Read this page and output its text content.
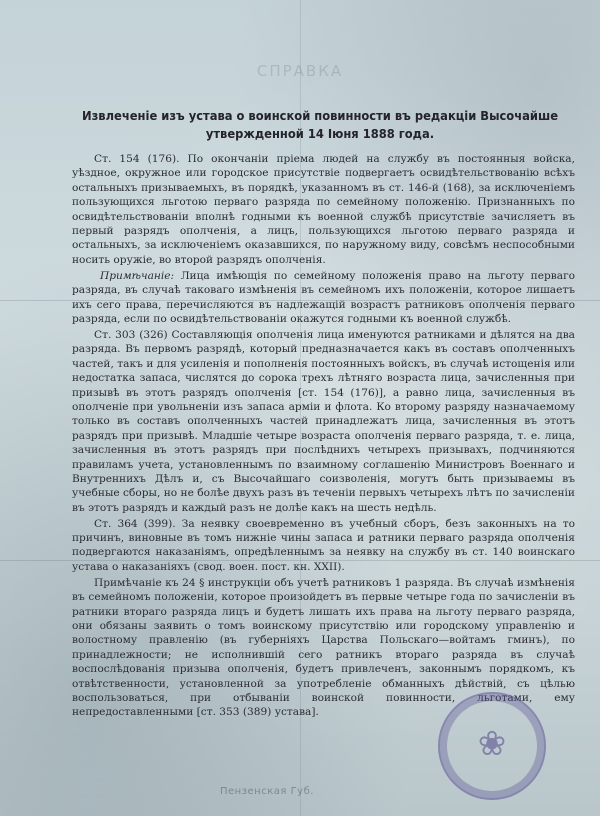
СПРАВКА
Извлеченіе изъ устава о воинской повинности въ редакціи Высочайше утвержденной 14 Іюня 1888 года.

Ст. 154 (176). По окончаніи пріема людей на службу въ постоянныя войска, уѣздное, окружное или городское присутствіе подвергаетъ освидѣтельствованію всѣхъ остальныхъ призываемыхъ, въ порядкѣ, указанномъ въ ст. 146-й (168), за исключеніемъ пользующихся льготою перваго разряда по семейному положенію. Признанныхъ по освидѣтельствованіи вполнѣ годными къ военной службѣ присутствіе зачисляетъ въ первый разрядъ ополченія, а лицъ, пользующихся льготою перваго разряда и остальныхъ, за исключеніемъ оказавшихся, по наружному виду, совсѣмъ неспособными носить оружіе, во второй разрядъ ополченія.

Примѣчаніе: Лица имѣющія по семейному положенія право на льготу перваго разряда, въ случаѣ таковаго измѣненія въ семейномъ ихъ положеніи, которое лишаетъ ихъ сего права, перечисляются въ надлежащій возрастъ ратниковъ ополченія перваго разряда, если по освидѣтельствованіи окажутся годными къ военной службѣ.

Ст. 303 (326) Составляющія ополченія лица именуются ратниками и дѣлятся на два разряда. Въ первомъ разрядѣ, который предназначается какъ въ составъ ополченныхъ частей, такъ и для усиленія и пополненія постоянныхъ войскъ, въ случаѣ истощенія или недостатка запаса, числятся до сорока трехъ лѣтняго возраста лица, зачисленныя при призывѣ въ этотъ разрядъ ополченія [ст. 154 (176)], а равно лица, зачисленныя въ ополченіе при увольненіи изъ запаса арміи и флота. Ко второму разряду назначаемому только въ составъ ополченныхъ частей принадлежатъ лица, зачисленныя въ этотъ разрядъ при призывѣ. Младшіе четыре возраста ополченія перваго разряда, т. е. лица, зачисленныя въ этотъ разрядъ при послѣднихъ четырехъ призывахъ, подчиняются правиламъ учета, установленнымъ по взаимному соглашенію Министровъ Военнаго и Внутреннихъ Дѣлъ и, съ Высочайшаго соизволенія, могутъ быть призываемы въ учебные сборы, но не болѣе двухъ разъ въ теченіи первыхъ четырехъ лѣтъ по зачисленіи въ этотъ разрядъ и каждый разъ не долѣе какъ на шесть недѣль.

Ст. 364 (399). За неявку своевременно въ учебный сборъ, безъ законныхъ на то причинъ, виновные въ томъ нижніе чины запаса и ратники перваго разряда ополченія подвергаются наказаніямъ, опредѣленнымъ за неявку на службу въ ст. 140 воинскаго устава о наказаніяхъ (свод. воен. пост. кн. XXII).

Примѣчаніе къ 24 § инструкціи объ учетѣ ратниковъ 1 разряда. Въ случаѣ измѣненія въ семейномъ положеніи, которое произойдетъ въ первые четыре года по зачисленіи въ ратники втораго разряда лицъ и будетъ лишать ихъ права на льготу перваго разряда, они обязаны заявить о томъ воинскому присутствію или городскому управленію и волостному правленію (въ губерніяхъ Царства Польскаго—войтамъ гминъ), по принадлежности; не исполнившій сего ратникъ втораго разряда въ случаѣ воспослѣдованія призыва ополченія, будетъ привлеченъ, законнымъ порядкомъ, къ отвѣтственности, установленной за употребленіе обманныхъ дѣйствій, съ цѣлью воспользоваться, при отбываніи воинской повинности, льготами, ему непредоставленными [ст. 353 (389) устава].

❀
Пензенская Губ.
